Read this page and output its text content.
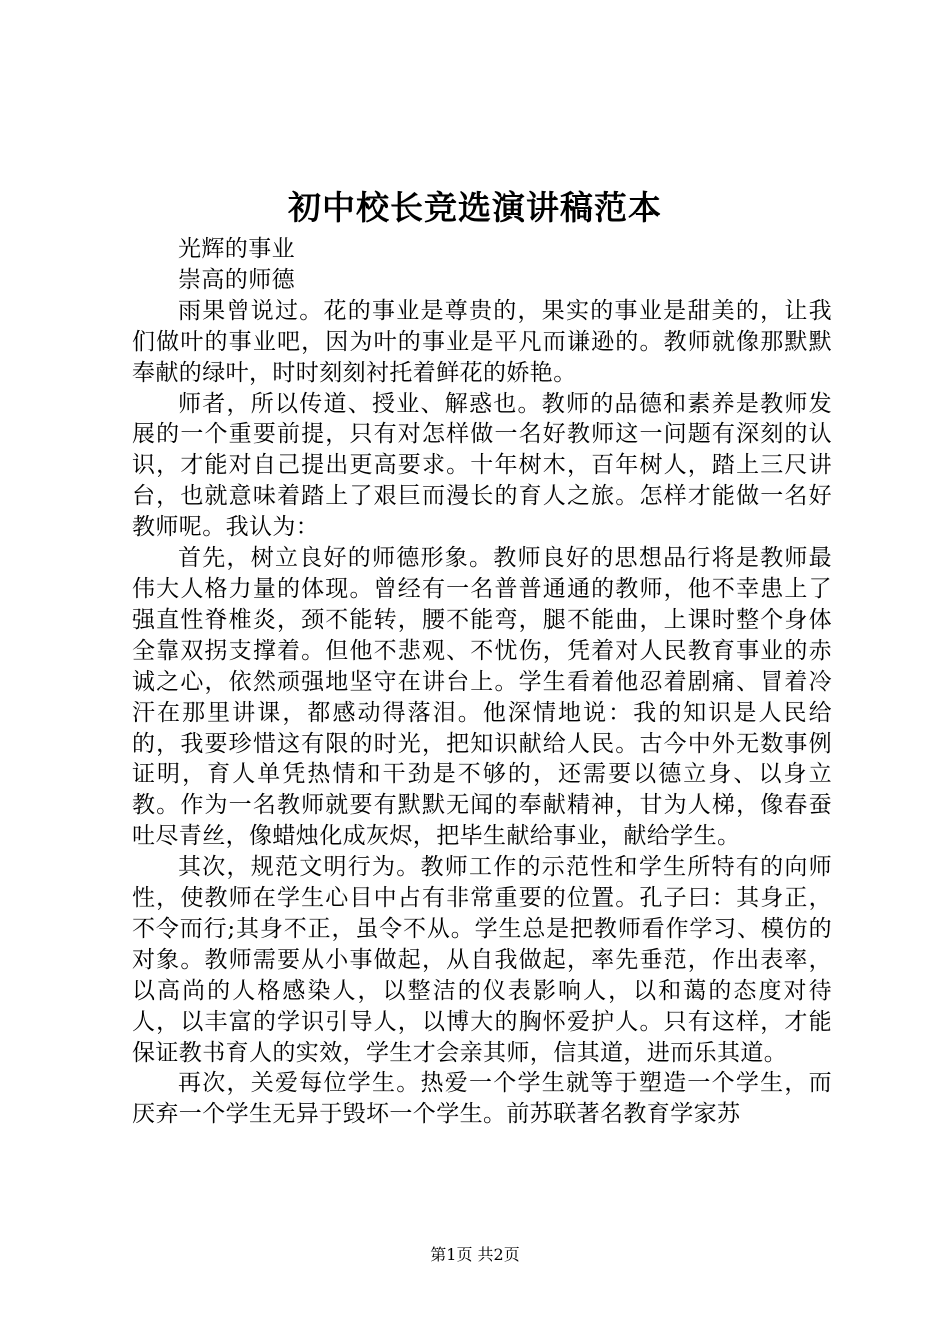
初中校长竞选演讲稿范本

光辉的事业

崇高的师德

雨果曾说过。花的事业是尊贵的，果实的事业是甜美的，让我们做叶的事业吧，因为叶的事业是平凡而谦逊的。教师就像那默默奉献的绿叶，时时刻刻衬托着鲜花的娇艳。

师者，所以传道、授业、解惑也。教师的品德和素养是教师发展的一个重要前提，只有对怎样做一名好教师这一问题有深刻的认识，才能对自己提出更高要求。十年树木，百年树人，踏上三尺讲台，也就意味着踏上了艰巨而漫长的育人之旅。怎样才能做一名好教师呢。我认为：

首先，树立良好的师德形象。教师良好的思想品行将是教师最伟大人格力量的体现。曾经有一名普普通通的教师，他不幸患上了强直性脊椎炎，颈不能转，腰不能弯，腿不能曲，上课时整个身体全靠双拐支撑着。但他不悲观、不忧伤，凭着对人民教育事业的赤诚之心，依然顽强地坚守在讲台上。学生看着他忍着剧痛、冒着冷汗在那里讲课，都感动得落泪。他深情地说：我的知识是人民给的，我要珍惜这有限的时光，把知识献给人民。古今中外无数事例证明，育人单凭热情和干劲是不够的，还需要以德立身、以身立教。作为一名教师就要有默默无闻的奉献精神，甘为人梯，像春蚕吐尽青丝，像蜡烛化成灰烬，把毕生献给事业，献给学生。

其次，规范文明行为。教师工作的示范性和学生所特有的向师性，使教师在学生心目中占有非常重要的位置。孔子曰：其身正，不令而行;其身不正，虽令不从。学生总是把教师看作学习、模仿的对象。教师需要从小事做起，从自我做起，率先垂范，作出表率，以高尚的人格感染人，以整洁的仪表影响人，以和蔼的态度对待人，以丰富的学识引导人，以博大的胸怀爱护人。只有这样，才能保证教书育人的实效，学生才会亲其师，信其道，进而乐其道。

再次，关爱每位学生。热爱一个学生就等于塑造一个学生，而厌弃一个学生无异于毁坏一个学生。前苏联著名教育学家苏

第1页 共2页
